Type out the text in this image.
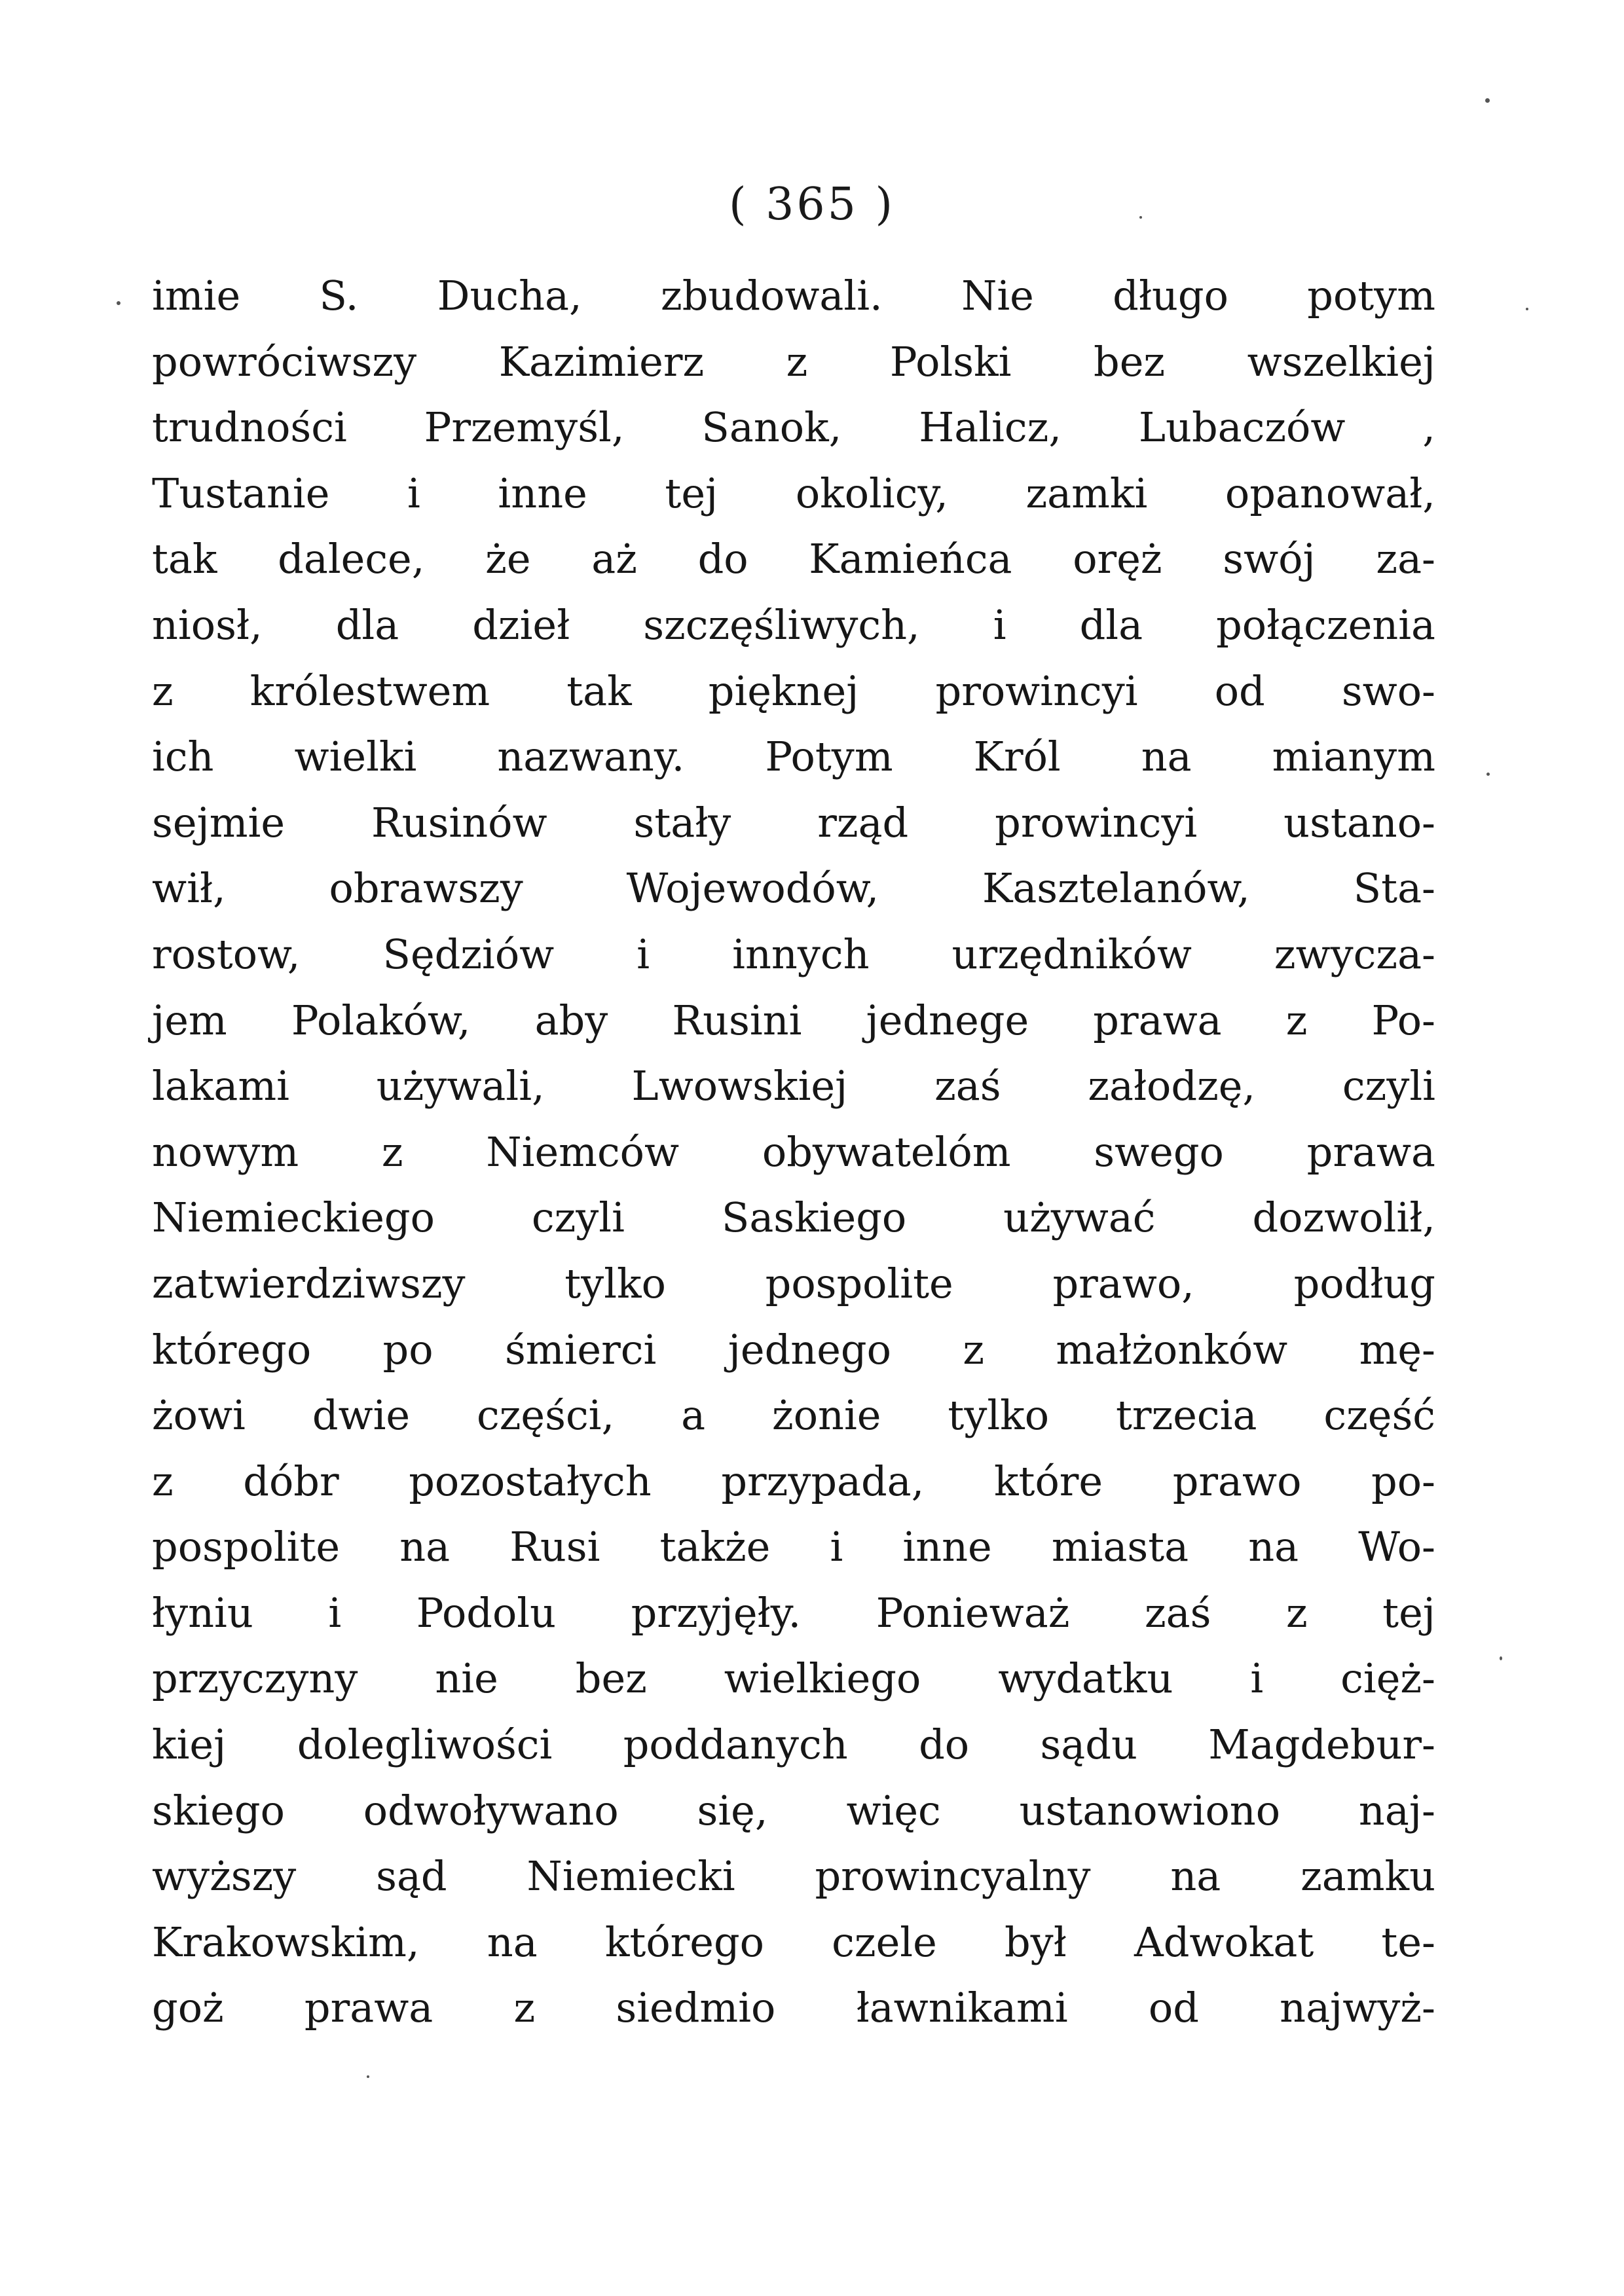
( 365 )
imie S. Ducha, zbudowali. Nie długo potym
powróciwszy Kazimierz z Polski bez wszelkiej
trudności Przemyśl, Sanok, Halicz, Lubaczów ,
Tustanie i inne tej okolicy, zamki opanował,
tak dalece, że aż do Kamieńca oręż swój za-
niosł, dla dzieł szczęśliwych, i dla połączenia
z królestwem tak pięknej prowincyi od swo-
ich wielki nazwany. Potym Król na mianym
sejmie Rusinów stały rząd prowincyi ustano-
wił, obrawszy Wojewodów, Kasztelanów, Sta-
rostow, Sędziów i innych urzędników zwycza-
jem Polaków, aby Rusini jednege prawa z Po-
lakami używali, Lwowskiej zaś załodzę, czyli
nowym z Niemców obywatelóm swego prawa
Niemieckiego czyli Saskiego używać dozwolił,
zatwierdziwszy tylko pospolite prawo, podług
którego po śmierci jednego z małżonków mę-
żowi dwie części, a żonie tylko trzecia część
z dóbr pozostałych przypada, które prawo po-
pospolite na Rusi także i inne miasta na Wo-
łyniu i Podolu przyjęły. Ponieważ zaś z tej
przyczyny nie bez wielkiego wydatku i cięż-
kiej dolegliwości poddanych do sądu Magdebur-
skiego odwoływano się, więc ustanowiono naj-
wyższy sąd Niemiecki prowincyalny na zamku
Krakowskim, na którego czele był Adwokat te-
goż prawa z siedmio ławnikami od najwyż-
